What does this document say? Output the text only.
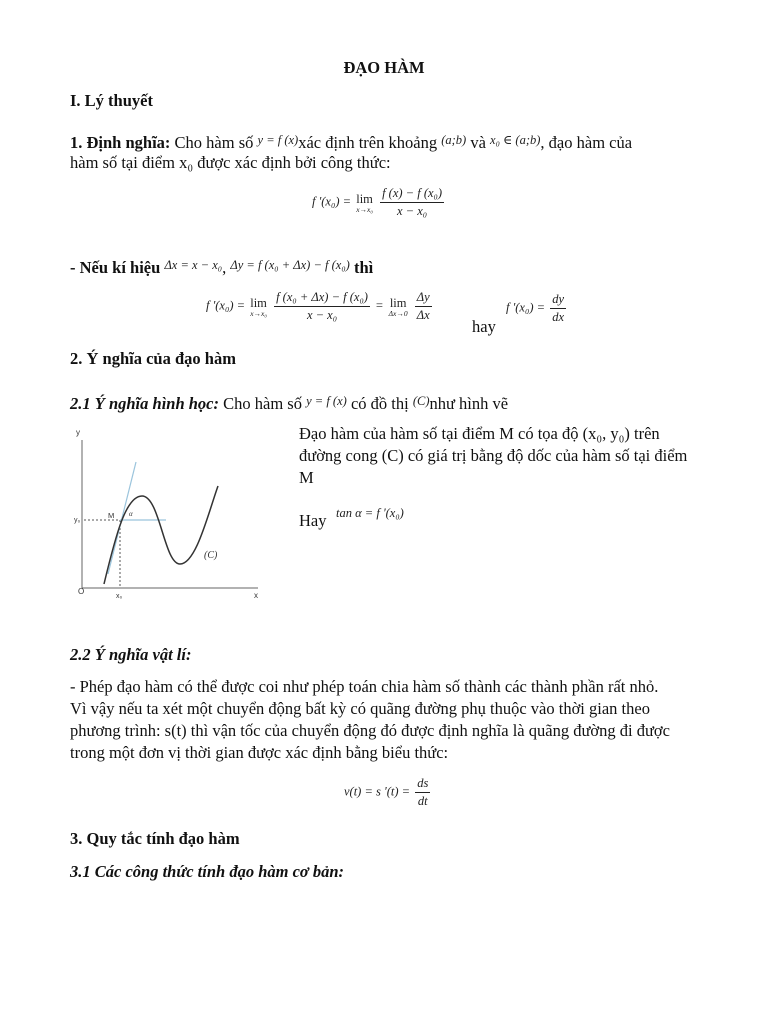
ĐẠO HÀM
I. Lý thuyết
1. Định nghĩa: Cho hàm số $^{y = f (x)}$xác định trên khoảng $^{(a;b)}$ và $^{x_0 \in (a;b)}$, đạo hàm của
hàm số tại điểm x₀ được xác định bởi công thức:
f '(x₀) = lim
x→x₀
$\frac{\text{f (x) − f (x₀)}}{\text{x − x₀}}$
- Nếu kí hiệu $^{\Delta x = x - x_0}$, $^{\Delta y = f (x_0 + \Delta x) - f (x_0)}$ thì
f '(x₀) = lim
x→x₀
$\frac{\text{f (x₀ + Δx) − f (x₀)}}{\text{x − x₀}} = \lim$
Δx→0
$\frac{\Delta y}{\Delta x}$
hay
f '$(x_0) = \frac{dy}{dx}$
2. Ý nghĩa của đạo hàm
2.1 Ý nghĩa hình học: Cho hàm số $^{y = f (x)}$ có đồ thị $^{(C)}$như hình vẽ
y
x
O
y₀
x₀
M α
(C)
Đạo hàm của hàm số tại điểm M có tọa độ (x₀, y₀) trên
đường cong (C) có giá trị bằng độ dốc của hàm số tại điểm
M
Hay tan α = f '(x₀)
2.2 Ý nghĩa vật lí:
- Phép đạo hàm có thể được coi như phép toán chia hàm số thành các thành phần rất nhỏ.
Vì vậy nếu ta xét một chuyển động bất kỳ có quãng đường phụ thuộc vào thời gian theo
phương trình: s(t) thì vận tốc của chuyển động đó được định nghĩa là quãng đường đi được
trong một đơn vị thời gian được xác định bằng biểu thức:
v(t) = s '$(t) = \frac{ds}{dt}$
3. Quy tắc tính đạo hàm
3.1 Các công thức tính đạo hàm cơ bản:
